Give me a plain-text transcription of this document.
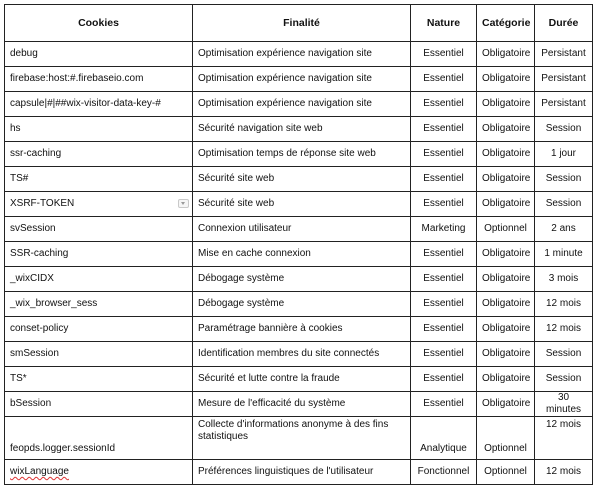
Cookies	Finalité	Nature	Catégorie	Durée
debug	Optimisation expérience navigation site	Essentiel	Obligatoire	Persistant
firebase:host:#.firebaseio.com	Optimisation expérience navigation site	Essentiel	Obligatoire	Persistant
capsule|#|##wix-visitor-data-key-#	Optimisation expérience navigation site	Essentiel	Obligatoire	Persistant
hs	Sécurité navigation site web	Essentiel	Obligatoire	Session
ssr-caching	Optimisation temps de réponse site web	Essentiel	Obligatoire	1 jour
TS#	Sécurité site web	Essentiel	Obligatoire	Session
XSRF-TOKEN	Sécurité site web	Essentiel	Obligatoire	Session
svSession	Connexion utilisateur	Marketing	Optionnel	2 ans
SSR-caching	Mise en cache connexion	Essentiel	Obligatoire	1 minute
_wixCIDX	Débogage système	Essentiel	Obligatoire	3 mois
_wix_browser_sess	Débogage système	Essentiel	Obligatoire	12 mois
conset-policy	Paramétrage bannière à cookies	Essentiel	Obligatoire	12 mois
smSession	Identification membres du site connectés	Essentiel	Obligatoire	Session
TS*	Sécurité et lutte contre la fraude	Essentiel	Obligatoire	Session
bSession	Mesure de l'efficacité du système	Essentiel	Obligatoire	30 minutes
feopds.logger.sessionId	Collecte d'informations anonyme à des fins statistiques	Analytique	Optionnel	12 mois
wixLanguage	Préférences linguistiques de l'utilisateur	Fonctionnel	Optionnel	12 mois
